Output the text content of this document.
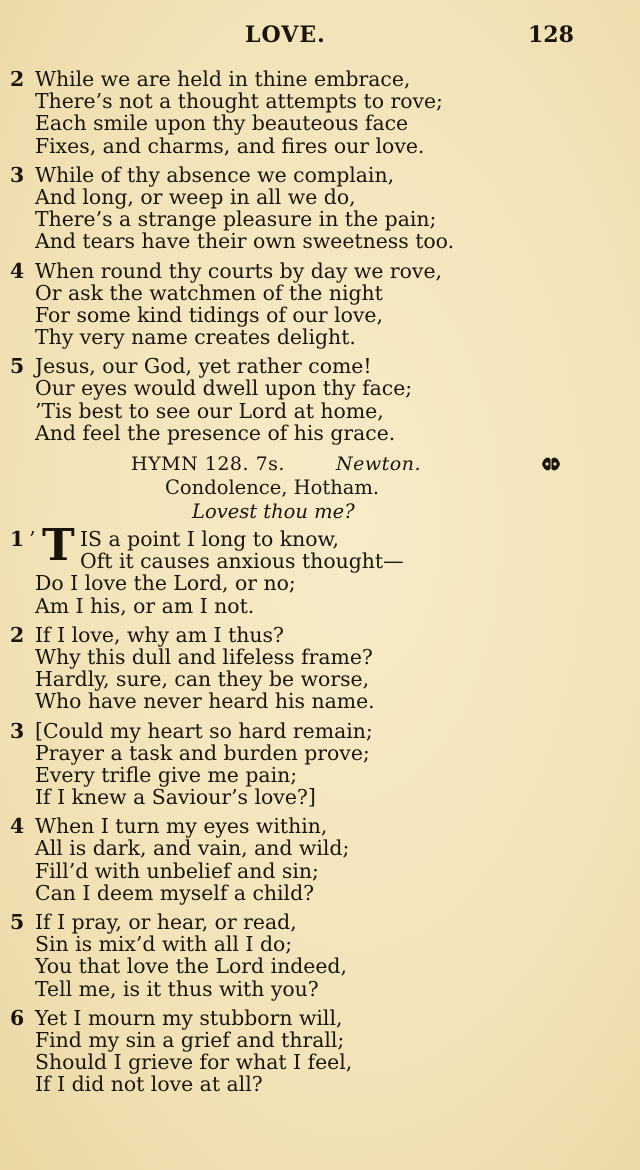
LOVE.	128
2 While we are held in thine embrace,
There’s not a thought attempts to rove;
Each smile upon thy beauteous face
Fixes, and charms, and fires our love.
3 While of thy absence we complain,
And long, or weep in all we do,
There’s a strange pleasure in the pain;
And tears have their own sweetness too.
4 When round thy courts by day we rove,
Or ask the watchmen of the night
For some kind tidings of our love,
Thy very name creates delight.
5 Jesus, our God, yet rather come!
Our eyes would dwell upon thy face;
’Tis best to see our Lord at home,
And feel the presence of his grace.
HYMN 128. 7s.	Newton.
Condolence, Hotham.
Lovest thou me?
1 ’ T IS a point I long to know,
Oft it causes anxious thought—
Do I love the Lord, or no;
Am I his, or am I not.
2 If I love, why am I thus?
Why this dull and lifeless frame?
Hardly, sure, can they be worse,
Who have never heard his name.
3 [Could my heart so hard remain;
Prayer a task and burden prove;
Every trifle give me pain;
If I knew a Saviour’s love?]
4 When I turn my eyes within,
All is dark, and vain, and wild;
Fill’d with unbelief and sin;
Can I deem myself a child?
5 If I pray, or hear, or read,
Sin is mix’d with all I do;
You that love the Lord indeed,
Tell me, is it thus with you?
6 Yet I mourn my stubborn will,
Find my sin a grief and thrall;
Should I grieve for what I feel,
If I did not love at all?
